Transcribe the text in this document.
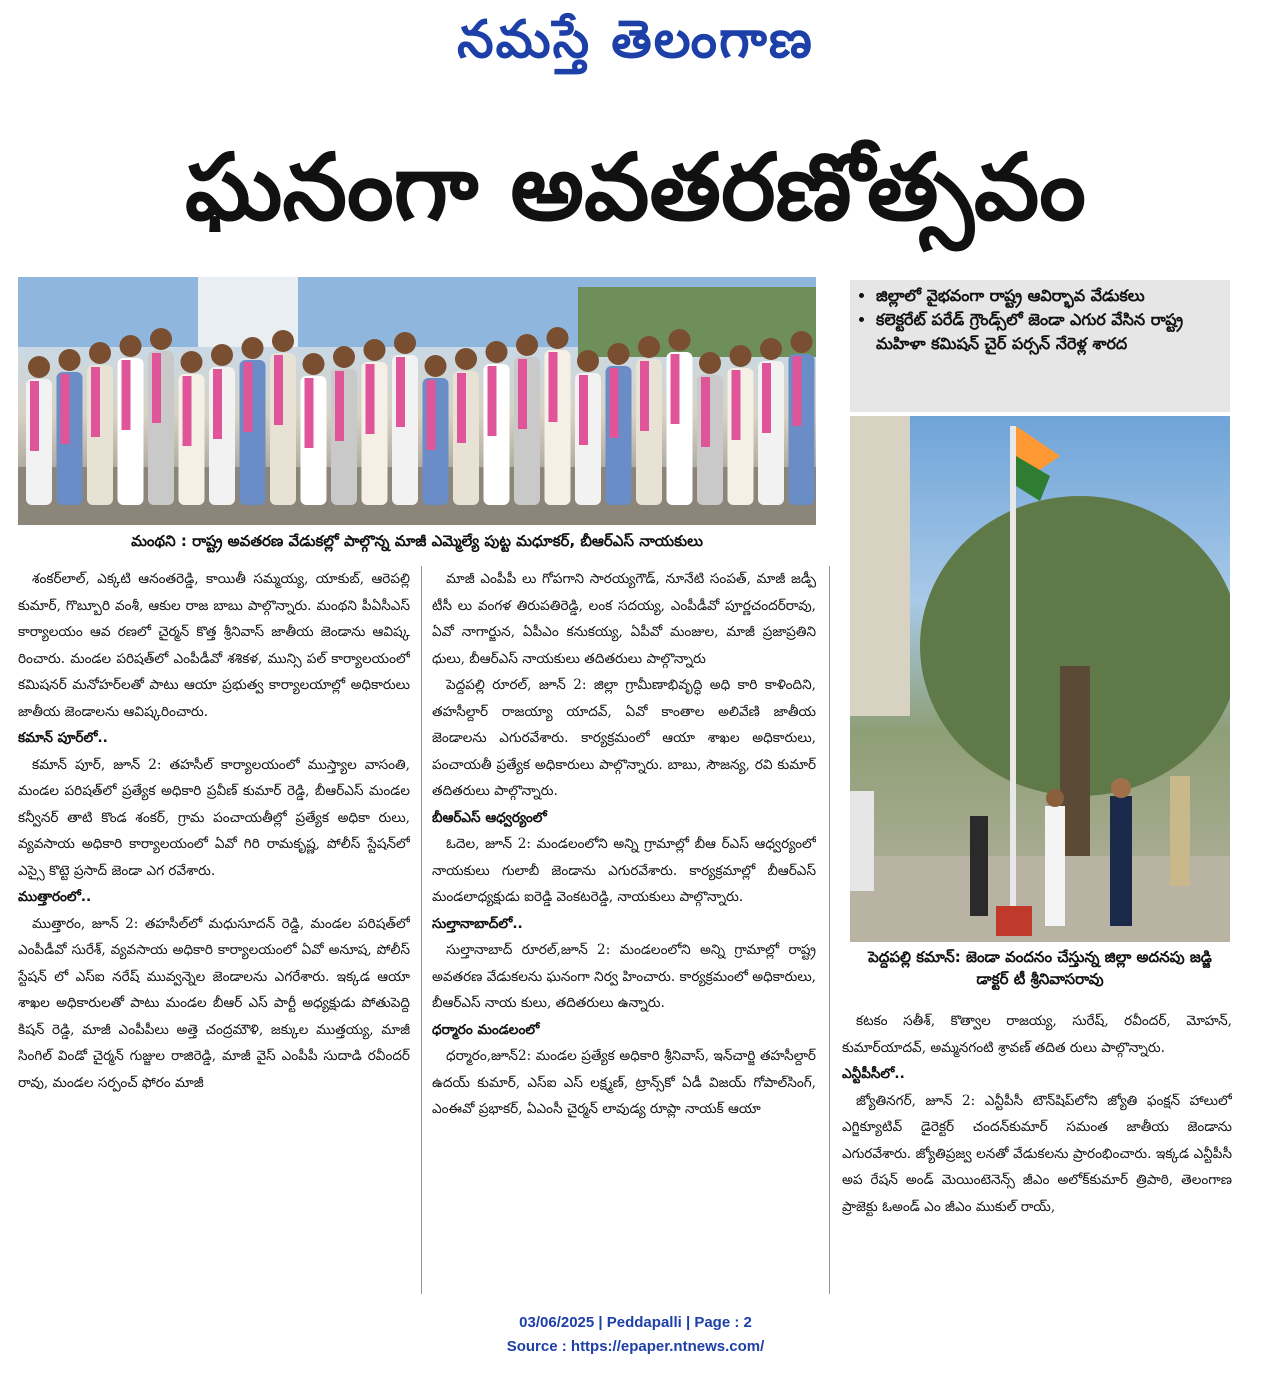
నమస్తే తెలంగాణ
ఘనంగా అవతరణోత్సవం
మంథని : రాష్ట్ర అవతరణ వేడుకల్లో పాల్గొన్న మాజీ ఎమ్మెల్యే పుట్ట మధూకర్, బీఆర్ఎస్ నాయకులు
• జిల్లాలో వైభవంగా రాష్ట్ర ఆవిర్భావ వేడుకలు
• కలెక్టరేట్ పరేడ్ గ్రౌండ్స్‌లో జెండా ఎగుర వేసిన రాష్ట్ర మహిళా కమిషన్ చైర్ పర్సన్ నేరెళ్ల శారద
పెద్దపల్లి కమాన్: జెండా వందనం చేస్తున్న జిల్లా అదనపు జడ్జి డాక్టర్ టీ శ్రీనివాసరావు

శంకర్‌లాల్, ఎక్కటి ఆనంతరెడ్డి, కాయితీ సమ్మయ్య, యాకుబ్, ఆరెపల్లి కుమార్, గొబ్బూరి వంశీ, ఆకుల రాజ బాబు పాల్గొన్నారు. మంథని పీఏసీఎస్ కార్యాలయం ఆవ రణలో చైర్మన్ కొత్త శ్రీనివాస్ జాతీయ జెండాను ఆవిష్క రించారు. మండల పరిషత్‌లో ఎంపీడీవో శశికళ, మున్సి పల్ కార్యాలయంలో కమిషనర్ మనోహర్‌లతో పాటు ఆయా ప్రభుత్వ కార్యాలయాల్లో అధికారులు జాతీయ జెండాలను ఆవిష్కరించారు.

కమాన్ పూర్‌లో..

కమాన్ పూర్, జూన్ 2: తహసీల్ కార్యాలయంలో ముస్త్యాల వాసంతి, మండల పరిషత్‌లో ప్రత్యేక అధికారి ప్రవీణ్ కుమార్ రెడ్డి, బీఆర్ఎస్ మండల కన్వీనర్ తాటి కొండ శంకర్, గ్రామ పంచాయతీల్లో ప్రత్యేక అధికా రులు, వ్యవసాయ అధికారి కార్యాలయంలో ఏవో గిరి రామకృష్ణ, పోలీస్ స్టేషన్‌లో ఎస్సై కొట్టె ప్రసాద్ జెండా ఎగ రవేశారు.

ముత్తారంలో..

ముత్తారం, జూన్ 2: తహసీల్‌లో మధుసూదన్ రెడ్డి, మండల పరిషత్‌లో ఎంపీడీవో సురేశ్, వ్యవసాయ అధికారి కార్యాలయంలో ఏవో అనూష, పోలీస్ స్టేషన్ లో ఎస్ఐ నరేష్ మువ్వన్నెల జెండాలను ఎగరేశారు. ఇక్కడ ఆయా శాఖల అధికారులతో పాటు మండల బీఆర్ ఎస్ పార్టీ అధ్యక్షుడు పోతుపెద్ది కిషన్ రెడ్డి, మాజీ ఎంపీపీలు అత్తె చంద్రమౌళి, జక్కుల ముత్తయ్య, మాజీ సింగిల్ విండో చైర్మన్ గుజ్జుల రాజిరెడ్డి, మాజీ వైస్ ఎంపీపీ సుదాడి రవీందర్ రావు, మండల సర్పంచ్ ఫోరం మాజీ

మాజీ ఎంపీపీ లు గోపగాని సారయ్యగౌడ్, నూనేటి సంపత్, మాజీ జడ్పీ టీసీ లు వంగళ తిరుపతిరెడ్డి, లంక సదయ్య, ఎంపీడీవో పూర్ణచందర్‌రావు, ఏవో నాగార్జున, ఏపీఎం కనుకయ్య, ఏపీవో మంజుల, మాజీ ప్రజాప్రతిని ధులు, బీఆర్ఎస్ నాయకులు తదితరులు పాల్గొన్నారు

పెద్దపల్లి రూరల్, జూన్ 2: జిల్లా గ్రామీణాభివృద్ధి అధి కారి కాళిందిని, తహసీల్దార్ రాజయ్యా యాదవ్, ఏవో కాంతాల అలివేణి జాతీయ జెండాలను ఎగురవేశారు. కార్యక్రమంలో ఆయా శాఖల అధికారులు, పంచాయతీ ప్రత్యేక అధికారులు పాల్గొన్నారు. బాబు, సౌజన్య, రవి కుమార్ తదితరులు పాల్గొన్నారు.

బీఆర్ఎస్ ఆధ్వర్యంలో

ఓదెల, జూన్ 2: మండలంలోని అన్ని గ్రామాల్లో బీఆ ర్ఎస్ ఆధ్వర్యంలో నాయకులు గులాబీ జెండాను ఎగురవేశారు. కార్యక్రమాల్లో బీఆర్ఎస్ మండలాధ్యక్షుడు ఐరెడ్డి వెంకటరెడ్డి, నాయకులు పాల్గొన్నారు.

సుల్తానాబాద్‌లో..

సుల్తానాబాద్ రూరల్,జూన్ 2: మండలంలోని అన్ని గ్రామాల్లో రాష్ట్ర అవతరణ వేడుకలను ఘనంగా నిర్వ హించారు. కార్యక్రమంలో అధికారులు, బీఆర్ఎస్ నాయ కులు, తదితరులు ఉన్నారు.

ధర్మారం మండలంలో

ధర్మారం,జూన్2: మండల ప్రత్యేక అధికారి శ్రీనివాస్, ఇన్‌చార్జి తహసీల్దార్ ఉదయ్ కుమార్, ఎస్ఐ ఎస్ లక్ష్మణ్, ట్రాన్స్‌కో ఏడీ విజయ్ గోపాల్‌సింగ్, ఎంఈవో ప్రభాకర్, ఏఎంసీ చైర్మన్ లావుడ్య రూప్లా నాయక్ ఆయా

కటకం సతీశ్, కొత్వాల రాజయ్య, సురేష్, రవీందర్, మోహన్, కుమార్‌యాదవ్, అమ్మనగంటి శ్రావణ్ తదిత రులు పాల్గొన్నారు.

ఎన్టీపీసీలో..

జ్యోతినగర్, జూన్ 2: ఎన్టీపీసీ టౌన్‌షిప్‌లోని జ్యోతి ఫంక్షన్ హాలులో ఎగ్జిక్యూటివ్ డైరెక్టర్ చందన్‌కుమార్ సమంత జాతీయ జెండాను ఎగురవేశారు. జ్యోతిప్రజ్వ లనతో వేడుకలను ప్రారంభించారు. ఇక్కడ ఎన్టీపీసీ అప రేషన్ అండ్ మెయింటెనెన్స్ జీఎం అలోక్‌కుమార్ త్రిపాఠి, తెలంగాణ ప్రాజెక్టు ఓఅండ్ ఎం జీఎం ముకుల్ రాయ్,

03/06/2025 | Peddapalli | Page : 2
Source : https://epaper.ntnews.com/
